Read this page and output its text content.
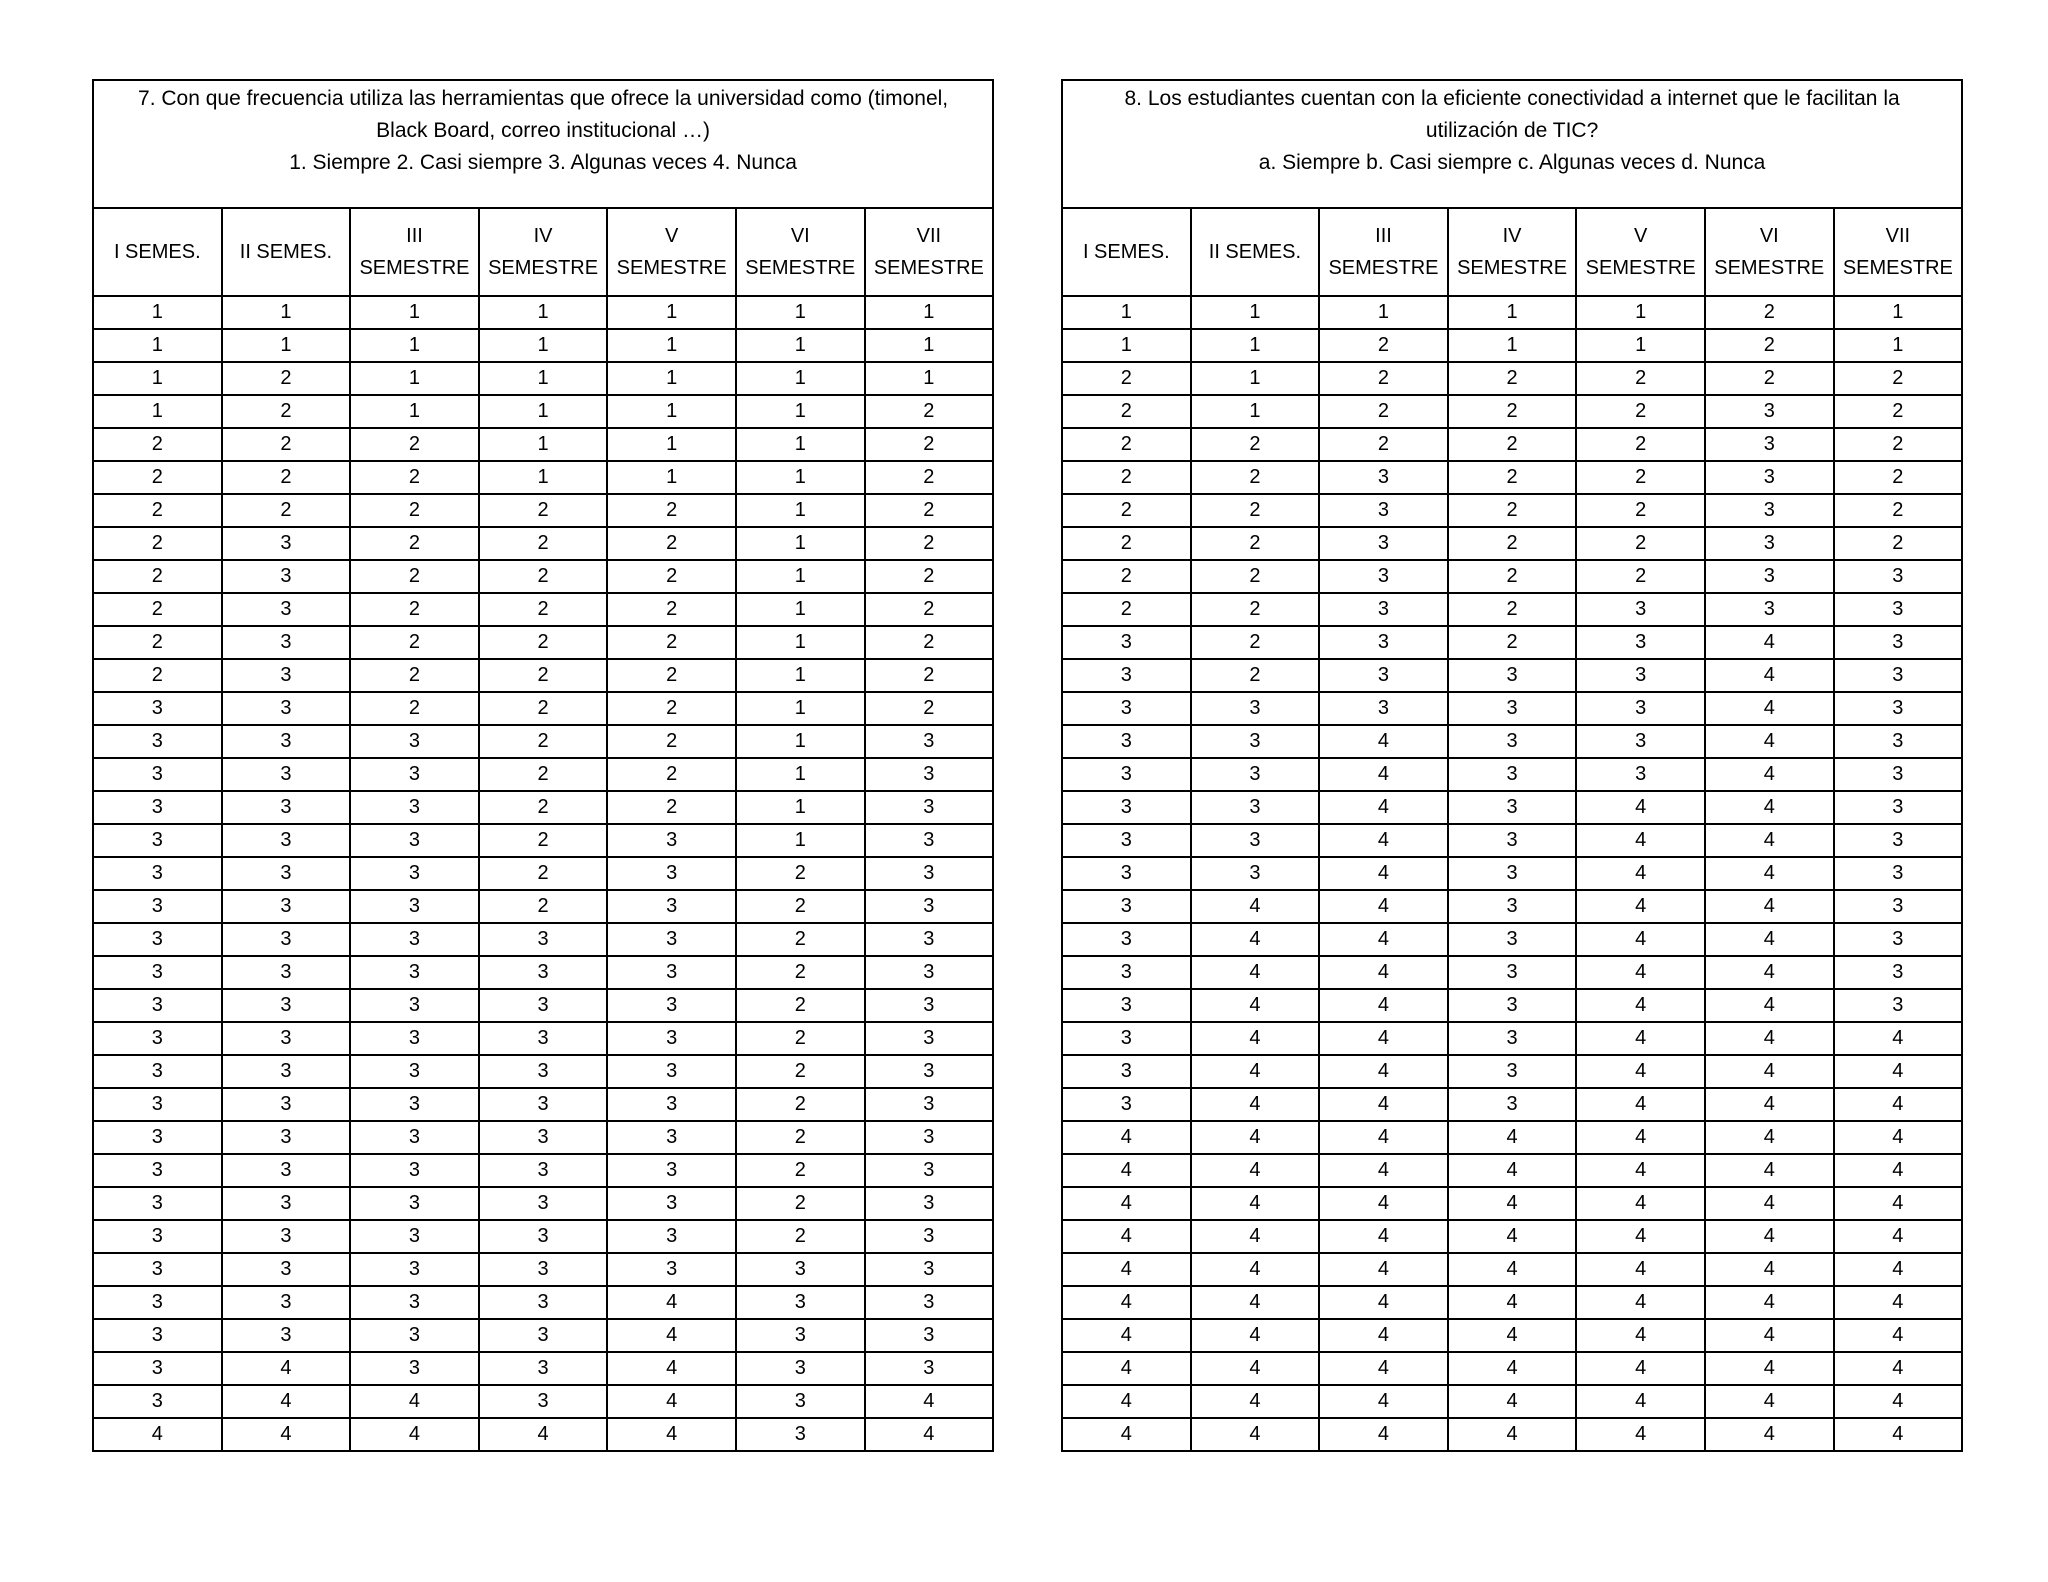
7. Con que frecuencia utiliza las herramientas que ofrece la universidad como (timonel,
Black Board, correo institucional …)
1. Siempre 2. Casi siempre 3. Algunas veces 4. Nunca						

I SEMES.	II SEMES.	III
SEMESTRE	IV
SEMESTRE	V SEMESTRE	VI
SEMESTRE	VII
SEMESTRE
1	1	1	1	1	1	1
1	1	1	1	1	1	1
1	2	1	1	1	1	1
1	2	1	1	1	1	2
2	2	2	1	1	1	2
2	2	2	1	1	1	2
2	2	2	2	2	1	2
2	3	2	2	2	1	2
2	3	2	2	2	1	2
2	3	2	2	2	1	2
2	3	2	2	2	1	2
2	3	2	2	2	1	2
3	3	2	2	2	1	2
3	3	3	2	2	1	3
3	3	3	2	2	1	3
3	3	3	2	2	1	3
3	3	3	2	3	1	3
3	3	3	2	3	2	3
3	3	3	2	3	2	3
3	3	3	3	3	2	3
3	3	3	3	3	2	3
3	3	3	3	3	2	3
3	3	3	3	3	2	3
3	3	3	3	3	2	3
3	3	3	3	3	2	3
3	3	3	3	3	2	3
3	3	3	3	3	2	3
3	3	3	3	3	2	3
3	3	3	3	3	2	3
3	3	3	3	3	3	3
3	3	3	3	4	3	3
3	3	3	3	4	3	3
3	4	3	3	4	3	3
3	4	4	3	4	3	4
4	4	4	4	4	3	4
8. Los estudiantes cuentan con la eficiente conectividad a internet que le facilitan la
utilización de TIC?
a. Siempre b. Casi siempre c. Algunas veces d. Nunca						

I SEMES.	II SEMES.	III
SEMESTRE	IV
SEMESTRE	V SEMESTRE	VI
SEMESTRE	VII
SEMESTRE
1	1	1	1	1	2	1
1	1	2	1	1	2	1
2	1	2	2	2	2	2
2	1	2	2	2	3	2
2	2	2	2	2	3	2
2	2	3	2	2	3	2
2	2	3	2	2	3	2
2	2	3	2	2	3	2
2	2	3	2	2	3	3
2	2	3	2	3	3	3
3	2	3	2	3	4	3
3	2	3	3	3	4	3
3	3	3	3	3	4	3
3	3	4	3	3	4	3
3	3	4	3	3	4	3
3	3	4	3	4	4	3
3	3	4	3	4	4	3
3	3	4	3	4	4	3
3	4	4	3	4	4	3
3	4	4	3	4	4	3
3	4	4	3	4	4	3
3	4	4	3	4	4	3
3	4	4	3	4	4	4
3	4	4	3	4	4	4
3	4	4	3	4	4	4
4	4	4	4	4	4	4
4	4	4	4	4	4	4
4	4	4	4	4	4	4
4	4	4	4	4	4	4
4	4	4	4	4	4	4
4	4	4	4	4	4	4
4	4	4	4	4	4	4
4	4	4	4	4	4	4
4	4	4	4	4	4	4
4	4	4	4	4	4	4
